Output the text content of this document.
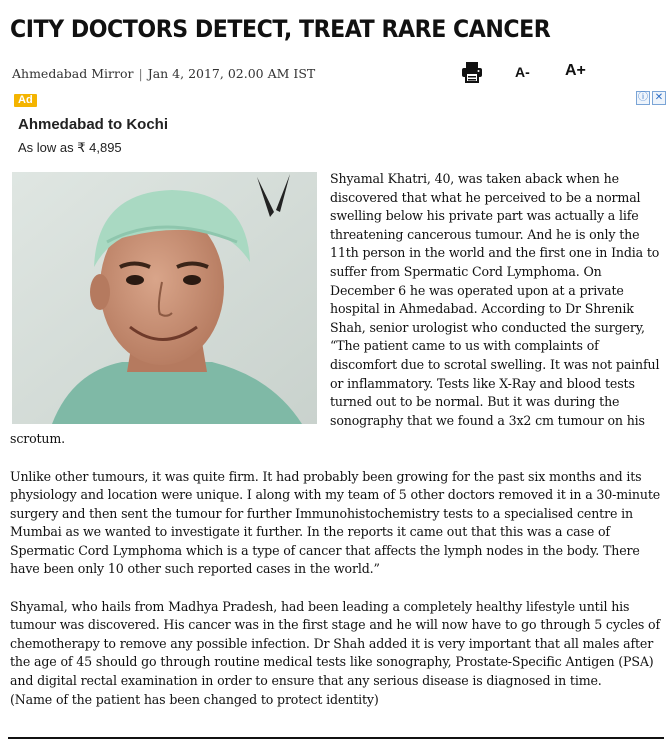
CITY DOCTORS DETECT, TREAT RARE CANCER
Ahmedabad Mirror | Jan 4, 2017, 02.00 AM IST	A- A+
Ad	ⓘ ✕
Ahmedabad to Kochi
As low as ₹ 4,895

Shyamal Khatri, 40, was taken aback when he discovered that what he perceived to be a normal swelling below his private part was actually a life threatening cancerous tumour. And he is only the 11th person in the world and the first one in India to suffer from Spermatic Cord Lymphoma. On December 6 he was operated upon at a private hospital in Ahmedabad. According to Dr Shrenik Shah, senior urologist who conducted the surgery, “The patient came to us with complaints of discomfort due to scrotal swelling. It was not painful or inflammatory. Tests like X-Ray and blood tests turned out to be normal. But it was during the sonography that we found a 3x2 cm tumour on his scrotum.

Unlike other tumours, it was quite firm. It had probably been growing for the past six months and its physiology and location were unique. I along with my team of 5 other doctors removed it in a 30-minute surgery and then sent the tumour for further Immunohistochemistry tests to a specialised centre in Mumbai as we wanted to investigate it further. In the reports it came out that this was a case of Spermatic Cord Lymphoma which is a type of cancer that affects the lymph nodes in the body. There have been only 10 other such reported cases in the world.”

Shyamal, who hails from Madhya Pradesh, had been leading a completely healthy lifestyle until his tumour was discovered. His cancer was in the first stage and he will now have to go through 5 cycles of chemotherapy to remove any possible infection. Dr Shah added it is very important that all males after the age of 45 should go through routine medical tests like sonography, Prostate-Specific Antigen (PSA) and digital rectal examination in order to ensure that any serious disease is diagnosed in time.

(Name of the patient has been changed to protect identity)
